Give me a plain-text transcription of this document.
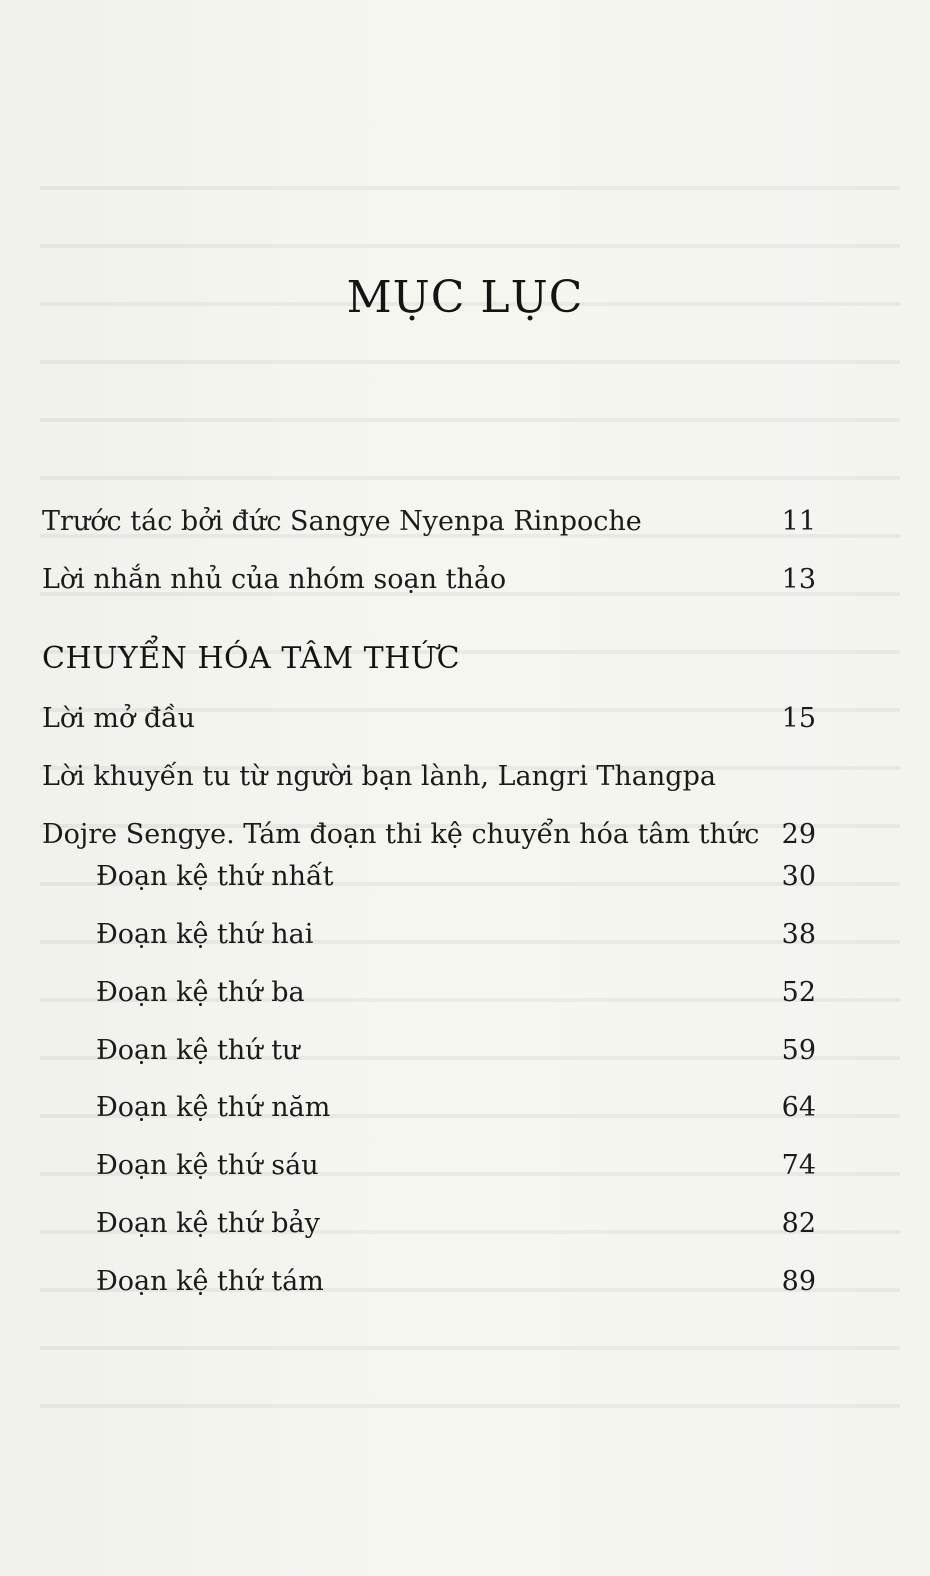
MỤC LỤC
Trước tác bởi đức Sangye Nyenpa Rinpoche	11
Lời nhắn nhủ của nhóm soạn thảo	13
CHUYỂN HÓA TÂM THỨC
Lời mở đầu	15
Lời khuyến tu từ người bạn lành, Langri Thangpa
Dojre Sengye. Tám đoạn thi kệ chuyển hóa tâm thức 29
Đoạn kệ thứ nhất	30
Đoạn kệ thứ hai	38
Đoạn kệ thứ ba	52
Đoạn kệ thứ tư	59
Đoạn kệ thứ năm	64
Đoạn kệ thứ sáu	74
Đoạn kệ thứ bảy	82
Đoạn kệ thứ tám	89
